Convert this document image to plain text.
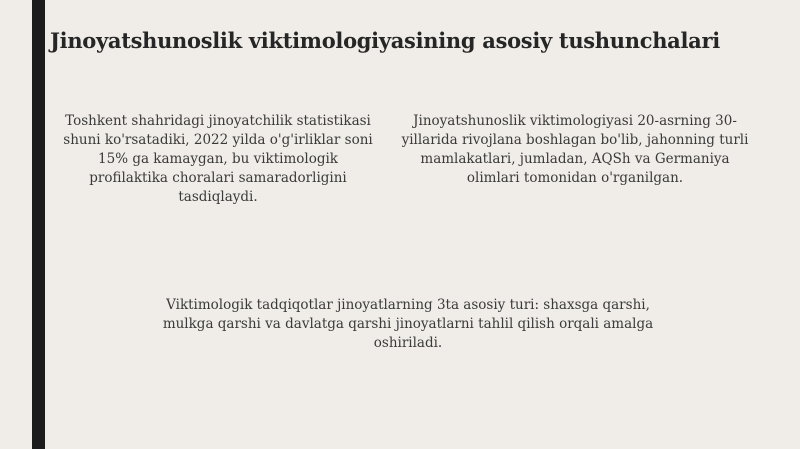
Jinoyatshunoslik viktimologiyasining asosiy tushunchalari

Toshkent shahridagi jinoyatchilik statistikasi shuni ko'rsatadiki, 2022 yilda o'g'irliklar soni 15% ga kamaygan, bu viktimologik profilaktika choralari samaradorligini tasdiqlaydi.

Jinoyatshunoslik viktimologiyasi 20-asrning 30-yillarida rivojlana boshlagan bo'lib, jahonning turli mamlakatlari, jumladan, AQSh va Germaniya olimlari tomonidan o'rganilgan.

Viktimologik tadqiqotlar jinoyatlarning 3ta asosiy turi: shaxsga qarshi, mulkga qarshi va davlatga qarshi jinoyatlarni tahlil qilish orqali amalga oshiriladi.
